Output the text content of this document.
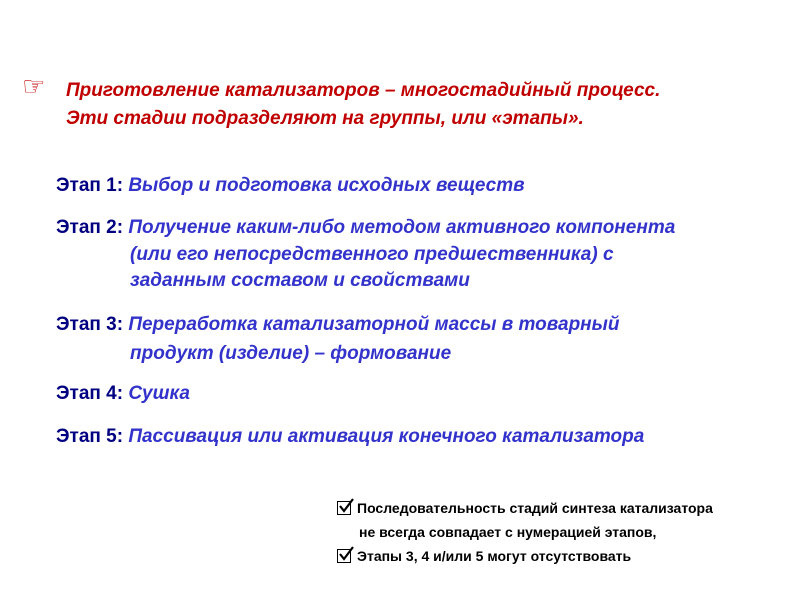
☞ Приготовление катализаторов – многостадийный процесс.
Эти стадии подразделяют на группы, или «этапы».
Этап 1: Выбор и подготовка исходных веществ
Этап 2: Получение каким-либо методом активного компонента
(или его непосредственного предшественника) с
заданным составом и свойствами
Этап 3: Переработка катализаторной массы в товарный
продукт (изделие) – формование
Этап 4: Сушка
Этап 5: Пассивация или активация конечного катализатора
Последовательность стадий синтеза катализатора
не всегда совпадает с нумерацией этапов,
Этапы 3, 4 и/или 5 могут отсутствовать
